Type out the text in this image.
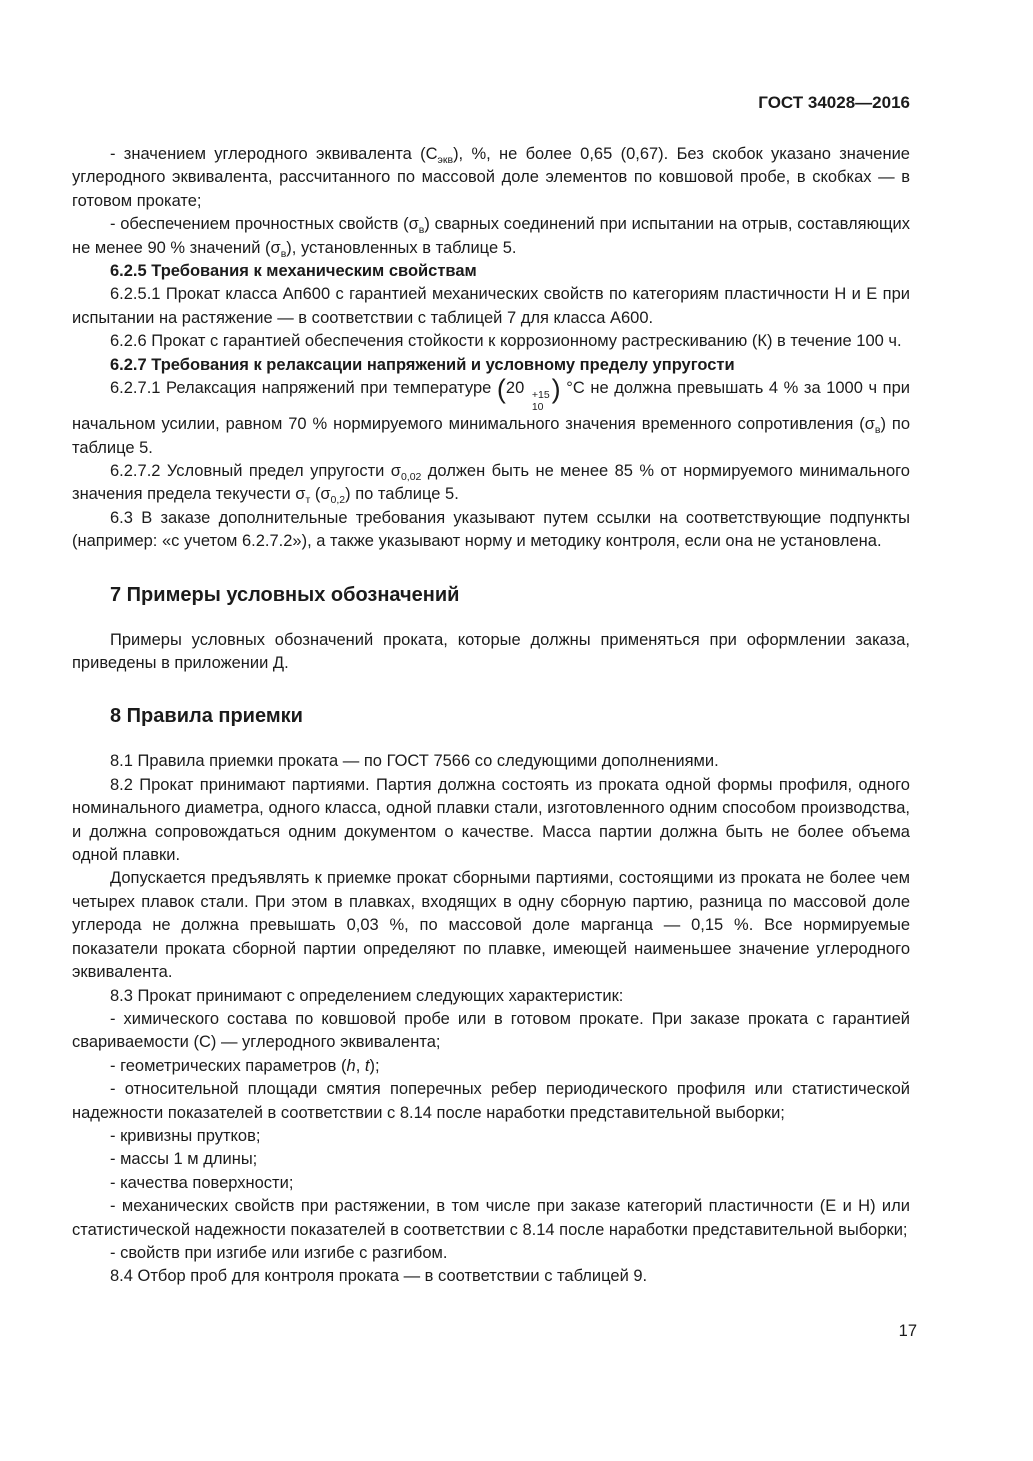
ГОСТ 34028—2016
- значением углеродного эквивалента $(С_{экв})$, %, не более 0,65 (0,67). Без скобок указано значение углеродного эквивалента, рассчитанного по массовой доле элементов по ковшовой пробе, в скобках — в готовом прокате;
- обеспечением прочностных свойств $(\sigma_в)$ сварных соединений при испытании на отрыв, составляющих не менее 90 % значений $(\sigma_в)$, установленных в таблице 5.
6.2.5 Требования к механическим свойствам
6.2.5.1 Прокат класса Ап600 с гарантией механических свойств по категориям пластичности Н и Е при испытании на растяжение — в соответствии с таблицей 7 для класса А600.
6.2.6 Прокат с гарантией обеспечения стойкости к коррозионному растрескиванию (К) в течение 100 ч.
6.2.7 Требования к релаксации напряжений и условному пределу упругости
6.2.7.1 Релаксация напряжений при температуре (20 +15
10
) °С не должна превышать 4 % за 1000 ч при начальном усилии, равном 70 % нормируемого минимального значения временного сопротивления $(\sigma_в)$ по таблице 5.
6.2.7.2 Условный предел упругости $\sigma_{0,02}$ должен быть не менее 85 % от нормируемого минимального значения предела текучести $\sigma_т$ $(\sigma_{0,2})$ по таблице 5.
6.3 В заказе дополнительные требования указывают путем ссылки на соответствующие подпункты (например: «с учетом 6.2.7.2»), а также указывают норму и методику контроля, если она не установлена.
7 Примеры условных обозначений
Примеры условных обозначений проката, которые должны применяться при оформлении заказа, приведены в приложении Д.
8 Правила приемки
8.1 Правила приемки проката — по ГОСТ 7566 со следующими дополнениями.
8.2 Прокат принимают партиями. Партия должна состоять из проката одной формы профиля, одного номинального диаметра, одного класса, одной плавки стали, изготовленного одним способом производства, и должна сопровождаться одним документом о качестве. Масса партии должна быть не более объема одной плавки.
Допускается предъявлять к приемке прокат сборными партиями, состоящими из проката не более чем четырех плавок стали. При этом в плавках, входящих в одну сборную партию, разница по массовой доле углерода не должна превышать 0,03 %, по массовой доле марганца — 0,15 %. Все нормируемые показатели проката сборной партии определяют по плавке, имеющей наименьшее значение углеродного эквивалента.
8.3 Прокат принимают с определением следующих характеристик:
- химического состава по ковшовой пробе или в готовом прокате. При заказе проката с гарантией свариваемости (С) — углеродного эквивалента;
- геометрических параметров (h, t);
- относительной площади смятия поперечных ребер периодического профиля или статистической надежности показателей в соответствии с 8.14 после наработки представительной выборки;
- кривизны прутков;
- массы 1 м длины;
- качества поверхности;
- механических свойств при растяжении, в том числе при заказе категорий пластичности (Е и Н) или статистической надежности показателей в соответствии с 8.14 после наработки представительной выборки;
- свойств при изгибе или изгибе с разгибом.
8.4 Отбор проб для контроля проката — в соответствии с таблицей 9.
17
